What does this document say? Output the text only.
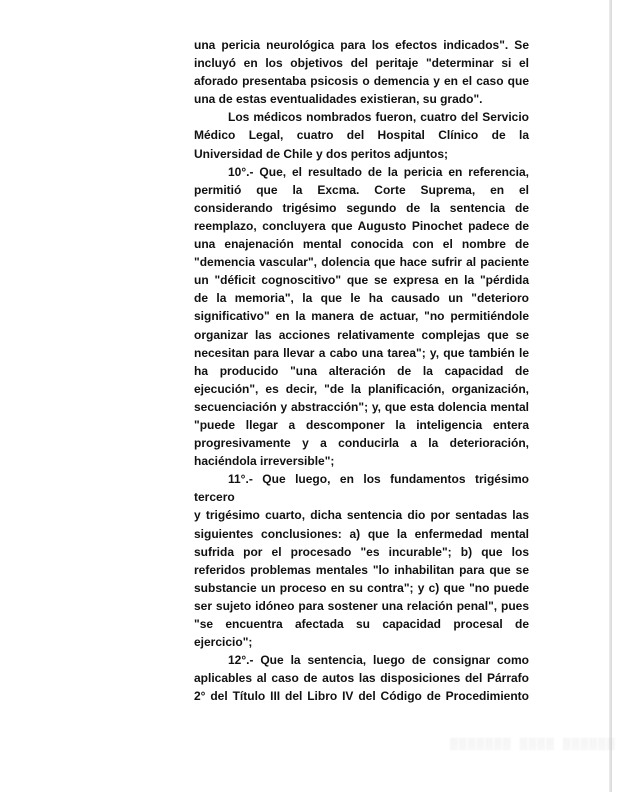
una pericia neurológica para los efectos indicados". Se

incluyó en los objetivos del peritaje "determinar si el

aforado presentaba psicosis o demencia y en el caso que

una de estas eventualidades existieran, su grado".

Los médicos nombrados fueron, cuatro del Servicio

Médico Legal, cuatro del Hospital Clínico de la

Universidad de Chile y dos peritos adjuntos;

10°.- Que, el resultado de la pericia en referencia,

permitió que la Excma. Corte Suprema, en el

considerando trigésimo segundo de la sentencia de

reemplazo, concluyera que Augusto Pinochet padece de

una enajenación mental conocida con el nombre de

"demencia vascular", dolencia que hace sufrir al paciente

un "déficit cognoscitivo" que se expresa en la "pérdida

de la memoria", la que le ha causado un "deterioro

significativo" en la manera de actuar, "no permitiéndole

organizar las acciones relativamente complejas que se

necesitan para llevar a cabo una tarea"; y, que también le

ha producido "una alteración de la capacidad de

ejecución", es decir, "de la planificación, organización,

secuenciación y abstracción"; y, que esta dolencia mental

"puede llegar a descomponer la inteligencia entera

progresivamente y a conducirla a la deterioración,

haciéndola irreversible";

11°.- Que luego, en los fundamentos trigésimo tercero

y trigésimo cuarto, dicha sentencia dio por sentadas las

siguientes conclusiones: a) que la enfermedad mental

sufrida por el procesado "es incurable"; b) que los

referidos problemas mentales "lo inhabilitan para que se

substancie un proceso en su contra"; y c) que "no puede

ser sujeto idóneo para sostener una relación penal", pues

"se encuentra afectada su capacidad procesal de

ejercicio";

12°.- Que la sentencia, luego de consignar como

aplicables al caso de autos las disposiciones del Párrafo

2° del Título III del Libro IV del Código de Procedimiento

▒▒▒▒▒▒▒ ▒▒▒▒ ▒▒▒▒▒▒
